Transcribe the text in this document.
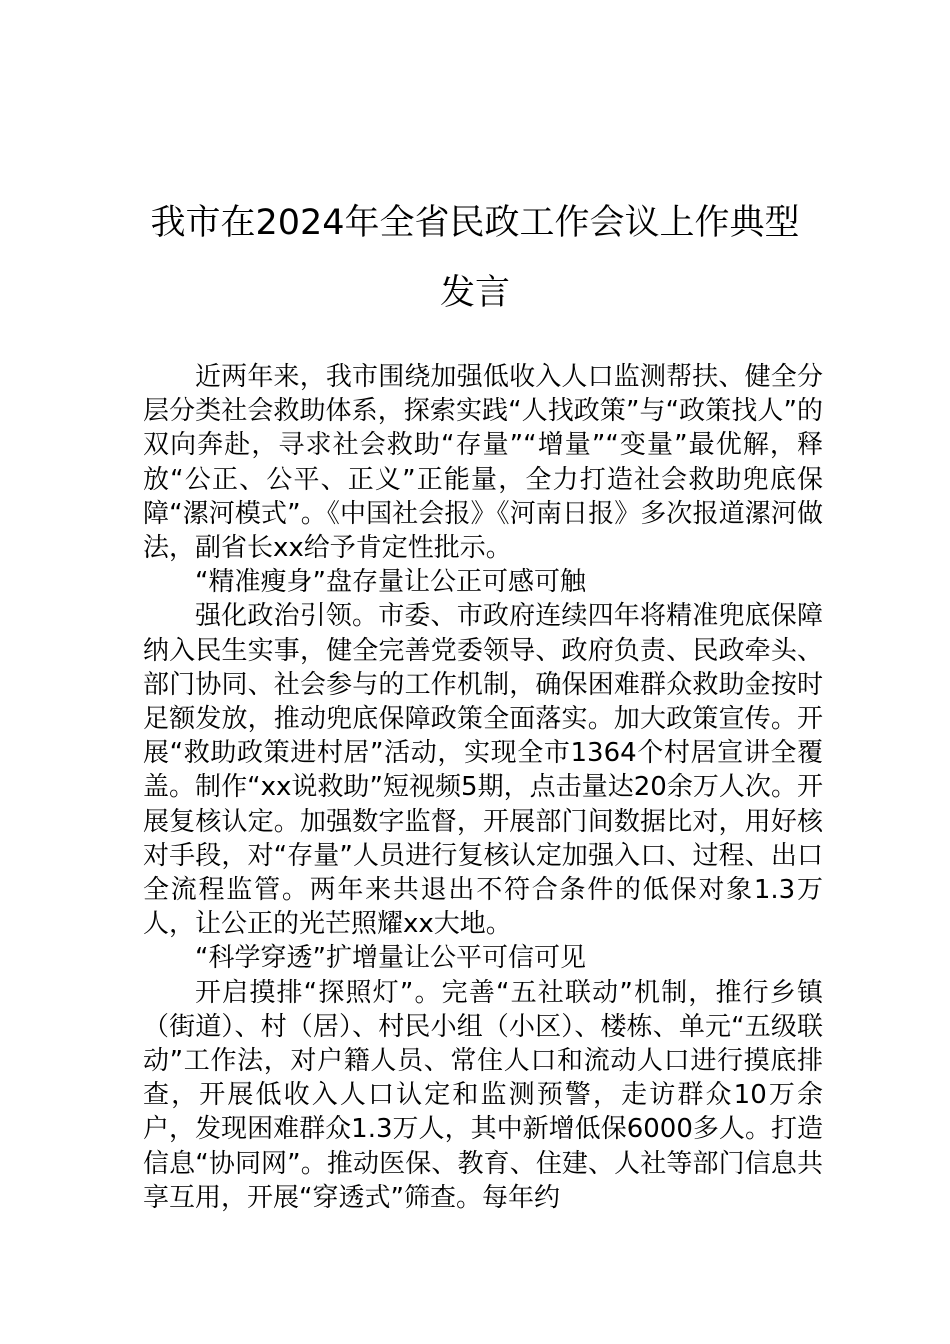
我市在2024年全省民政工作会议上作典型
发言

近两年来，我市围绕加强低收入人口监测帮扶、健全分层分类社会救助体系，探索实践“人找政策”与“政策找人”的双向奔赴，寻求社会救助“存量”“增量”“变量”最优解，释放“公正、公平、正义”正能量，全力打造社会救助兜底保障“漯河模式”。《中国社会报》《河南日报》多次报道漯河做法，副省长xx给予肯定性批示。

“精准瘦身”盘存量让公正可感可触

强化政治引领。市委、市政府连续四年将精准兜底保障纳入民生实事，健全完善党委领导、政府负责、民政牵头、部门协同、社会参与的工作机制，确保困难群众救助金按时足额发放，推动兜底保障政策全面落实。加大政策宣传。开展“救助政策进村居”活动，实现全市1364个村居宣讲全覆盖。制作“xx说救助”短视频5期，点击量达20余万人次。开展复核认定。加强数字监督，开展部门间数据比对，用好核对手段，对“存量”人员进行复核认定加强入口、过程、出口全流程监管。两年来共退出不符合条件的低保对象1.3万人，让公正的光芒照耀xx大地。

“科学穿透”扩增量让公平可信可见

开启摸排“探照灯”。完善“五社联动”机制，推行乡镇（街道）、村（居）、村民小组（小区）、楼栋、单元“五级联动”工作法，对户籍人员、常住人口和流动人口进行摸底排查，开展低收入人口认定和监测预警，走访群众10万余户，发现困难群众1.3万人，其中新增低保6000多人。打造信息“协同网”。推动医保、教育、住建、人社等部门信息共享互用，开展“穿透式”筛查。每年约
